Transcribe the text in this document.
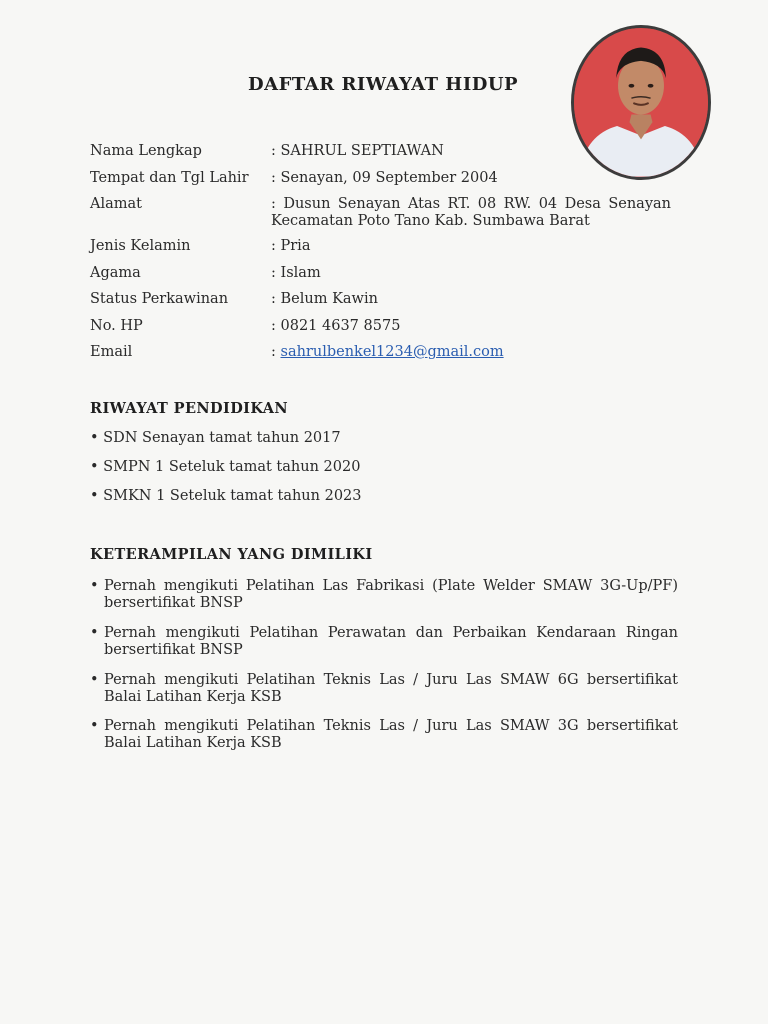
DAFTAR RIWAYAT HIDUP
Nama Lengkap	: SAHRUL SEPTIAWAN
Tempat dan Tgl Lahir : Senayan, 09 September 2004
Alamat	: Dusun Senayan Atas RT. 08 RW. 04 Desa Senayan Kecamatan Poto Tano Kab. Sumbawa Barat
Jenis Kelamin	: Pria
Agama	: Islam
Status Perkawinan	: Belum Kawin
No. HP	: 0821 4637 8575
Email	: sahrulbenkel1234@gmail.com
RIWAYAT PENDIDIKAN
• SDN Senayan tamat tahun 2017
• SMPN 1 Seteluk tamat tahun 2020
• SMKN 1 Seteluk tamat tahun 2023
KETERAMPILAN YANG DIMILIKI
• Pernah mengikuti Pelatihan Las Fabrikasi (Plate Welder SMAW 3G-Up/PF) bersertifikat BNSP
• Pernah mengikuti Pelatihan Perawatan dan Perbaikan Kendaraan Ringan bersertifikat BNSP
• Pernah mengikuti Pelatihan Teknis Las / Juru Las SMAW 6G bersertifikat Balai Latihan Kerja KSB
• Pernah mengikuti Pelatihan Teknis Las / Juru Las SMAW 3G bersertifikat Balai Latihan Kerja KSB
